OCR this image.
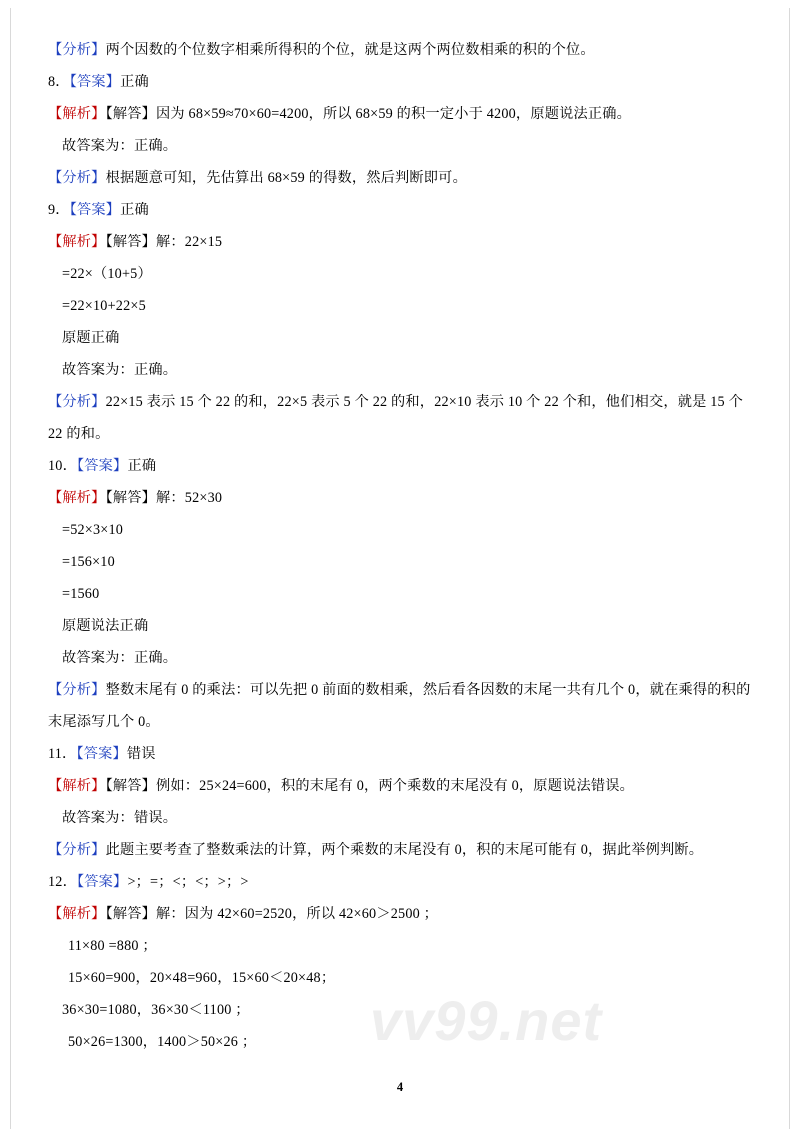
【分析】两个因数的个位数字相乘所得积的个位，就是这两个两位数相乘的积的个位。
8．【答案】正确
【解析】【解答】因为 68×59≈70×60=4200，所以 68×59 的积一定小于 4200，原题说法正确。
故答案为：正确。
【分析】根据题意可知，先估算出 68×59 的得数，然后判断即可。
9．【答案】正确
【解析】【解答】解：22×15
=22×（10+5）
=22×10+22×5
原题正确
故答案为：正确。
【分析】22×15 表示 15 个 22 的和，22×5 表示 5 个 22 的和，22×10 表示 10 个 22 个和，他们相交，就是 15 个 22 的和。
10．【答案】正确
【解析】【解答】解：52×30
=52×3×10
=156×10
=1560
原题说法正确
故答案为：正确。
【分析】整数末尾有 0 的乘法：可以先把 0 前面的数相乘，然后看各因数的末尾一共有几个 0，就在乘得的积的末尾添写几个 0。
11．【答案】错误
【解析】【解答】例如：25×24=600，积的末尾有 0，两个乘数的末尾没有 0，原题说法错误。
故答案为：错误。
【分析】此题主要考查了整数乘法的计算，两个乘数的末尾没有 0，积的末尾可能有 0，据此举例判断。
12．【答案】>；=；<；<；>；>
【解析】【解答】解：因为 42×60=2520，所以 42×60＞2500 ；
11×80 =880 ；
15×60=900，20×48=960，15×60＜20×48；
36×30=1080，36×30＜1100 ；
50×26=1300，1400＞50×26 ；	vv99.net
4
